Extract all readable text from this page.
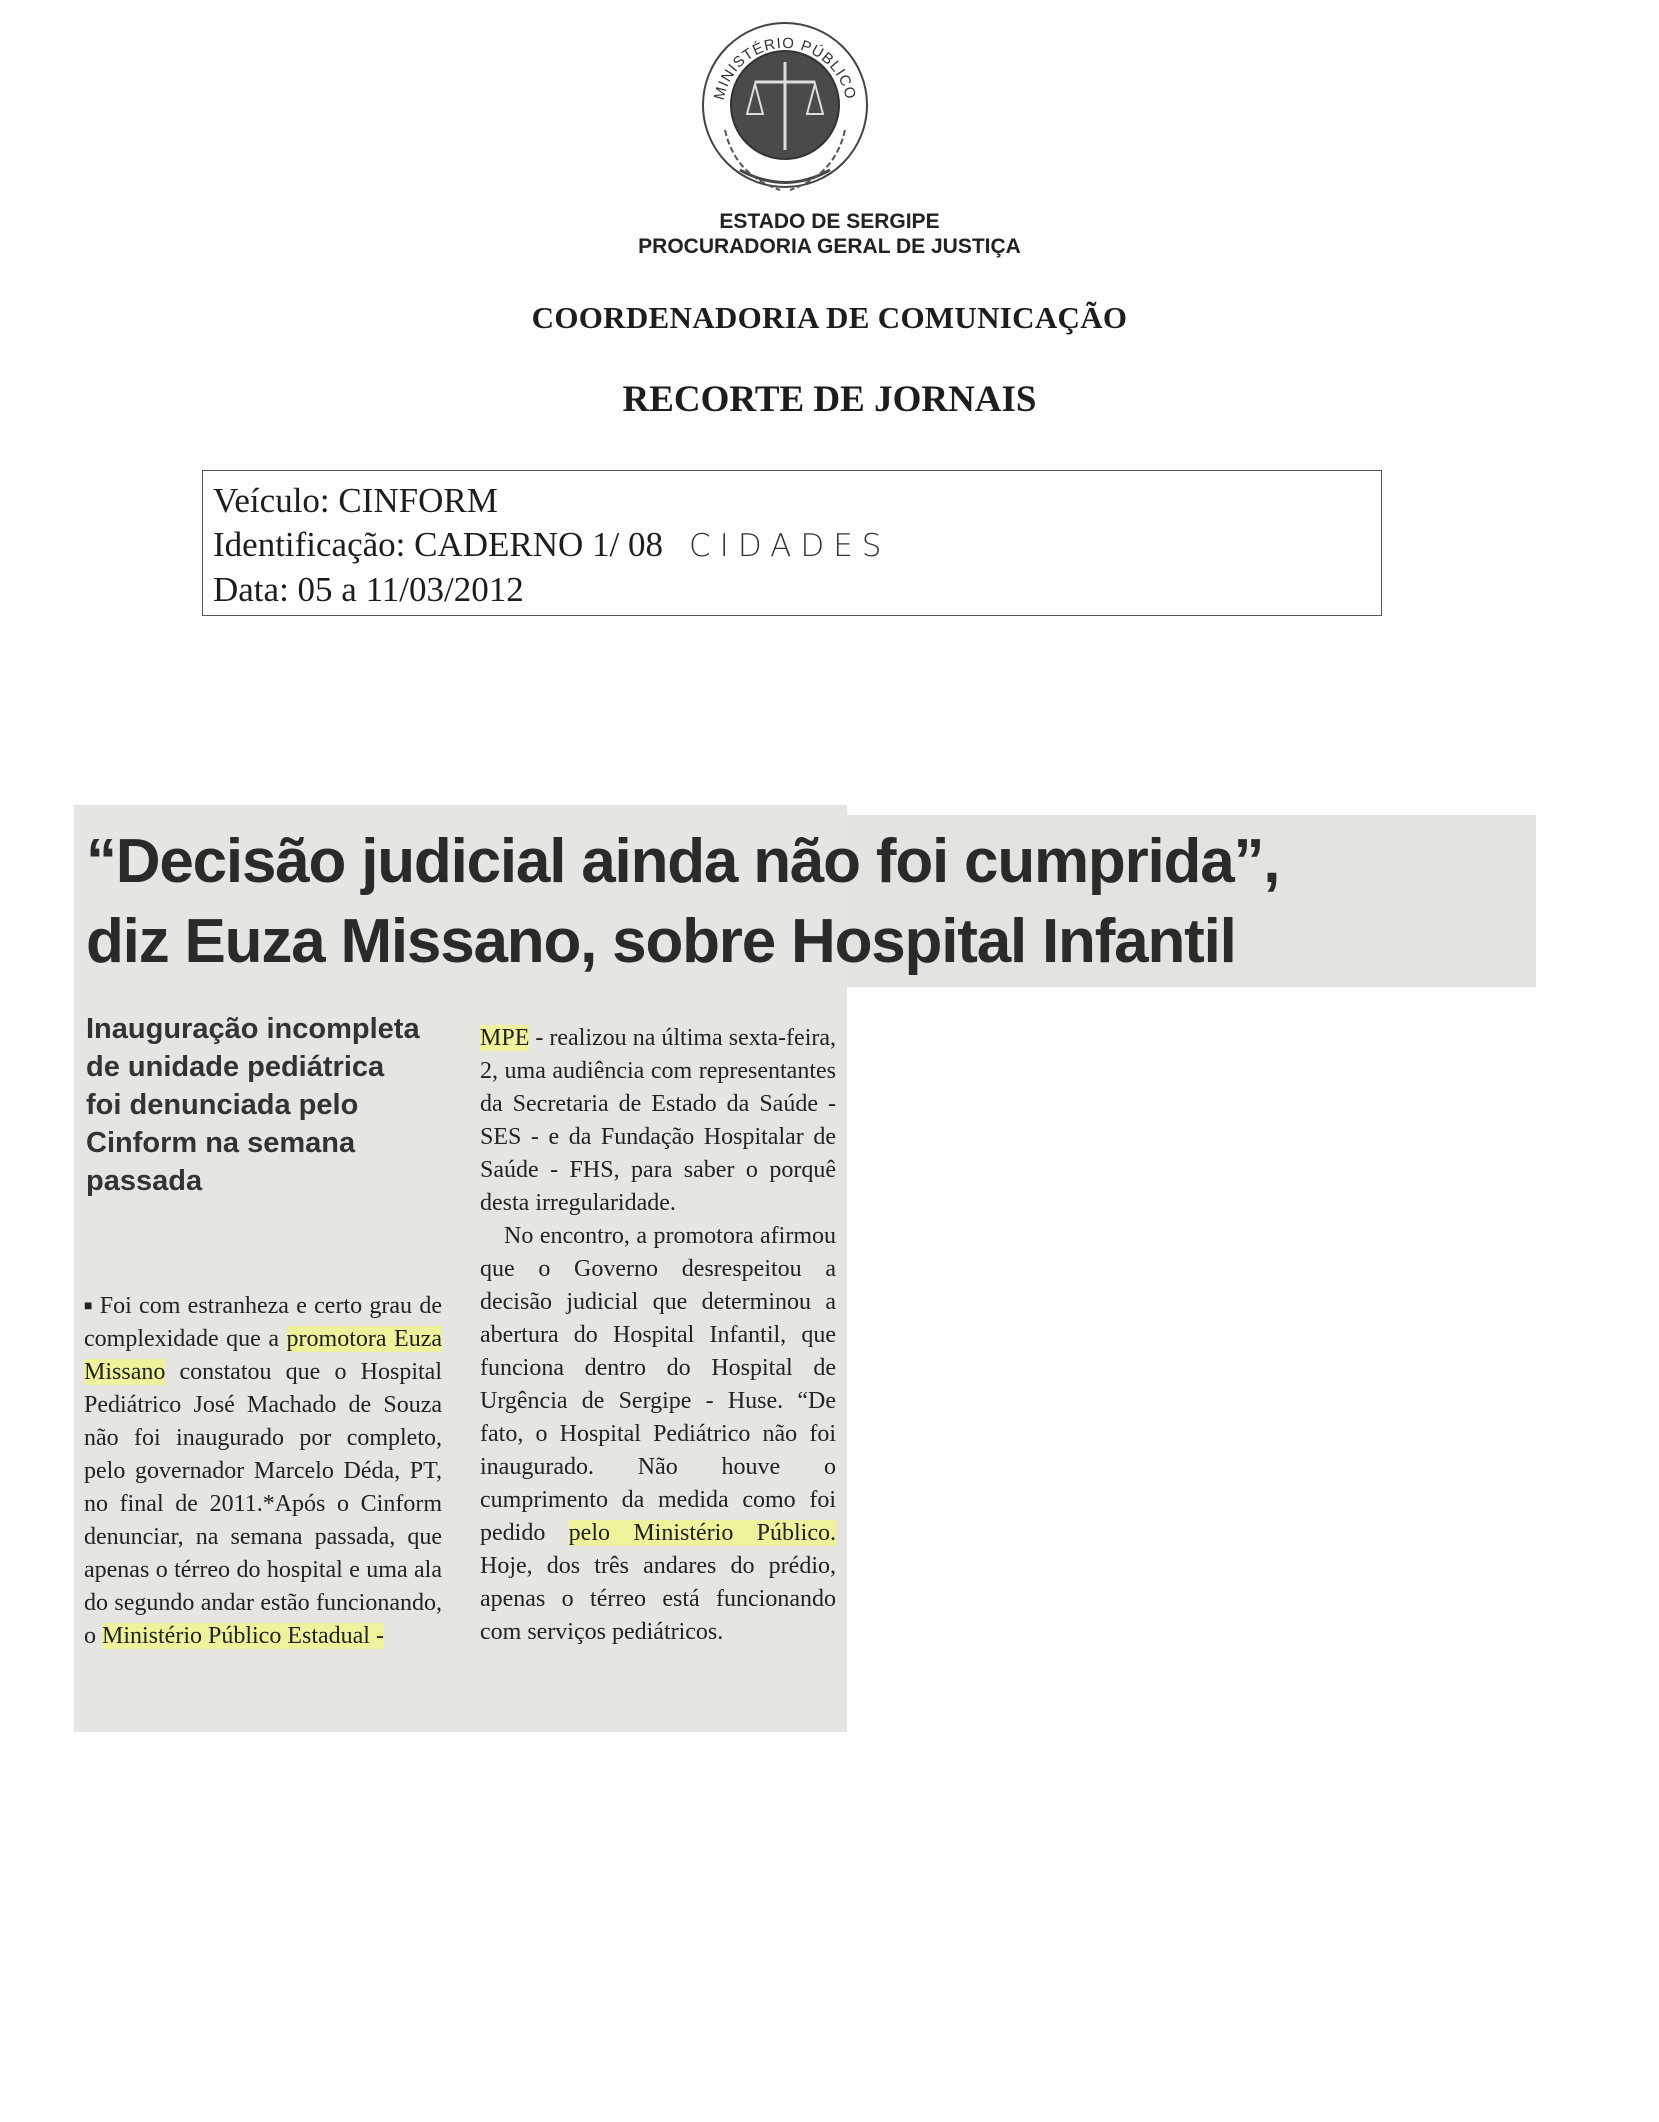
MINISTÉRIO PÚBLICO
ESTADO DE SERGIPE
PROCURADORIA GERAL DE JUSTIÇA
COORDENADORIA DE COMUNICAÇÃO
RECORTE DE JORNAIS
Veículo: CINFORM
Identificação: CADERNO 1/ 08 CIDADES
Data: 05 a 11/03/2012
“Decisão judicial ainda não foi cumprida”,
diz Euza Missano, sobre Hospital Infantil
Inauguração incompleta de unidade pediátrica foi denunciada pelo Cinform na semana passada

■ Foi com estranheza e certo grau de complexidade que a promotora Euza Missano constatou que o Hospital Pediátrico José Machado de Souza não foi inaugurado por completo, pelo governador Marcelo Déda, PT, no final de 2011.*Após o Cinform denunciar, na semana passada, que apenas o térreo do hospital e uma ala do segundo andar estão funcionando, o Ministério Público Estadual -

MPE - realizou na última sexta-feira, 2, uma audiência com representantes da Secretaria de Estado da Saúde - SES - e da Fundação Hospitalar de Saúde - FHS, para saber o porquê desta irregularidade.

No encontro, a promotora afirmou que o Governo desrespeitou a decisão judicial que determinou a abertura do Hospital Infantil, que funciona dentro do Hospital de Urgência de Sergipe - Huse. “De fato, o Hospital Pediátrico não foi inaugurado. Não houve o cumprimento da medida como foi pedido pelo Ministério Público. Hoje, dos três andares do prédio, apenas o térreo está funcionando com serviços pediátricos.
